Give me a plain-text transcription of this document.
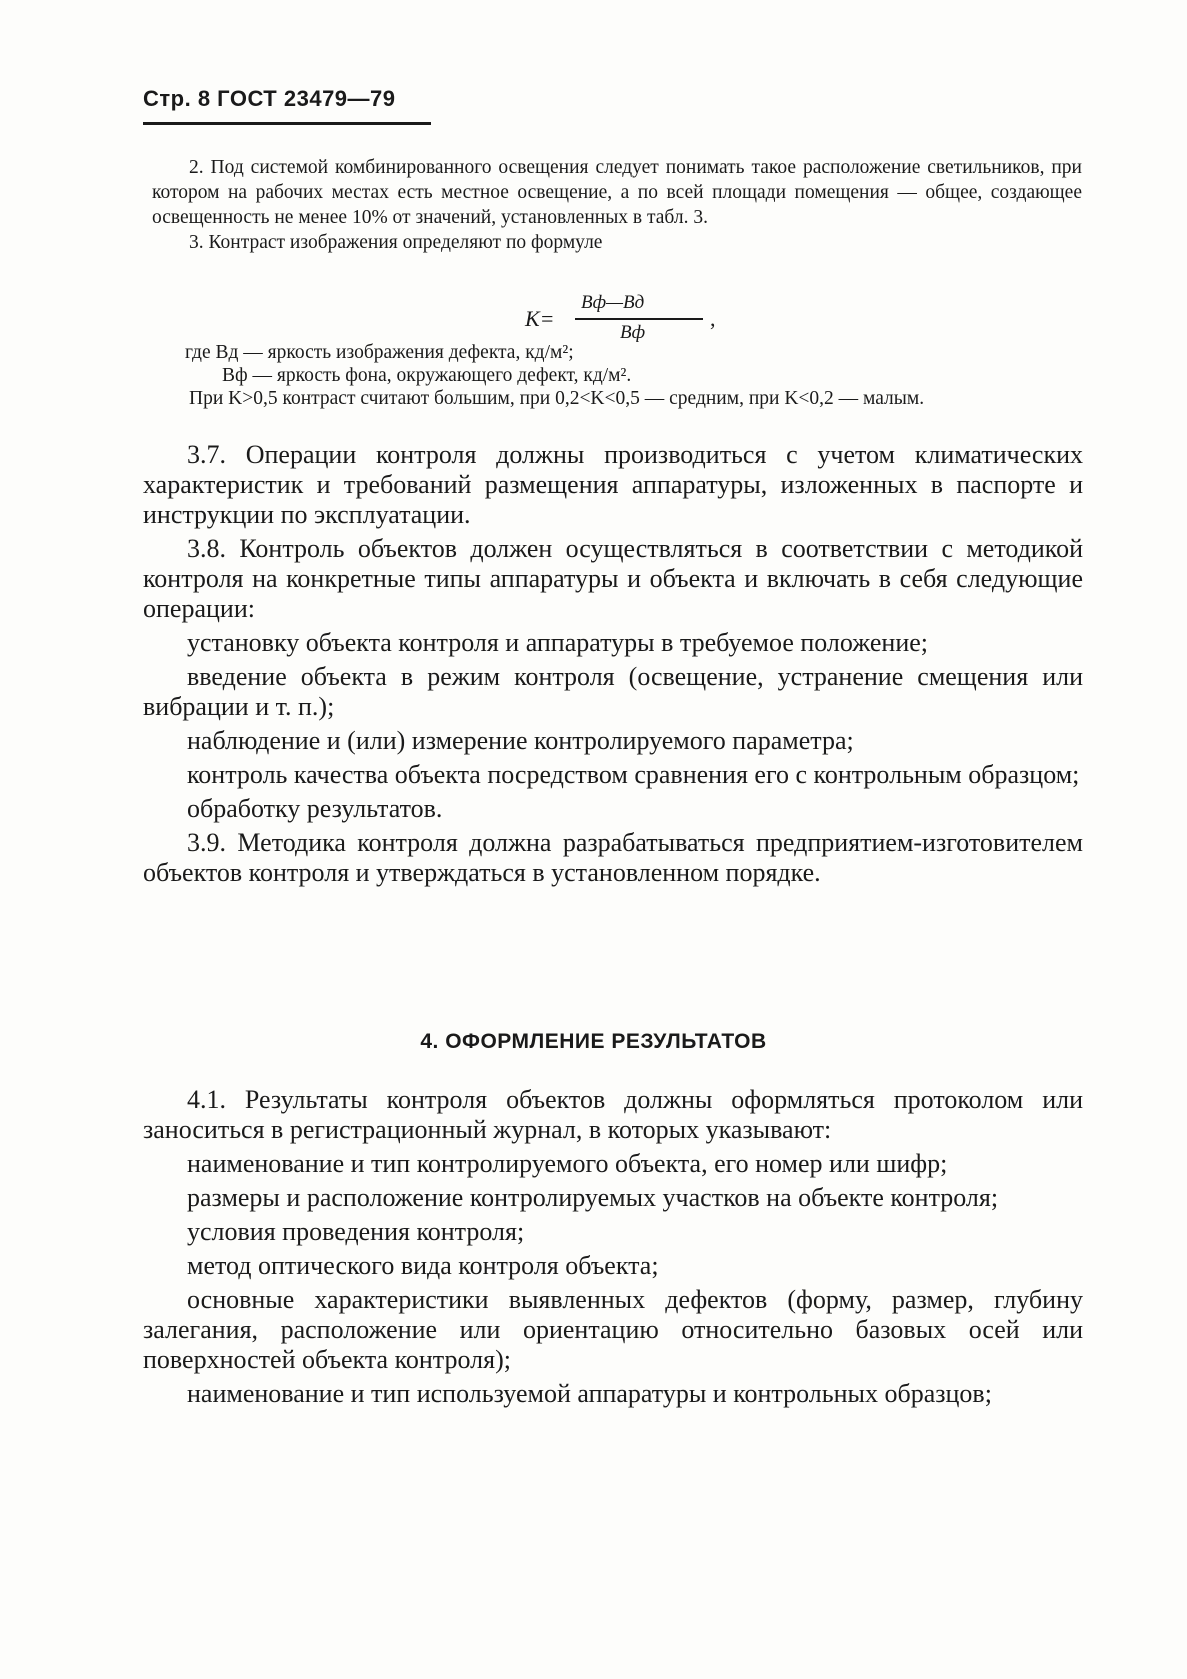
Стр. 8 ГОСТ 23479—79

2. Под системой комбинированного освещения следует понимать такое расположение светильников, при котором на рабочих местах есть местное освещение, а по всей площади помещения — общее, создающее освещенность не менее 10% от значений, установленных в табл. 3.

3. Контраст изображения определяют по формуле

K=
Bф—Bд
Bф
,
где Bд — яркость изображения дефекта, кд/м²;
Bф — яркость фона, окружающего дефект, кд/м².

При K>0,5 контраст считают большим, при 0,2<K<0,5 — средним, при K<0,2 — малым.

3.7. Операции контроля должны производиться с учетом климатических характеристик и требований размещения аппаратуры, изложенных в паспорте и инструкции по эксплуатации.

3.8. Контроль объектов должен осуществляться в соответствии с методикой контроля на конкретные типы аппаратуры и объекта и включать в себя следующие операции:

установку объекта контроля и аппаратуры в требуемое положение;

введение объекта в режим контроля (освещение, устранение смещения или вибрации и т. п.);

наблюдение и (или) измерение контролируемого параметра;

контроль качества объекта посредством сравнения его с контрольным образцом;

обработку результатов.

3.9. Методика контроля должна разрабатываться предприятием-изготовителем объектов контроля и утверждаться в установленном порядке.

4. ОФОРМЛЕНИЕ РЕЗУЛЬТАТОВ

4.1. Результаты контроля объектов должны оформляться протоколом или заноситься в регистрационный журнал, в которых указывают:

наименование и тип контролируемого объекта, его номер или шифр;

размеры и расположение контролируемых участков на объекте контроля;

условия проведения контроля;

метод оптического вида контроля объекта;

основные характеристики выявленных дефектов (форму, размер, глубину залегания, расположение или ориентацию относительно базовых осей или поверхностей объекта контроля);

наименование и тип используемой аппаратуры и контрольных образцов;
